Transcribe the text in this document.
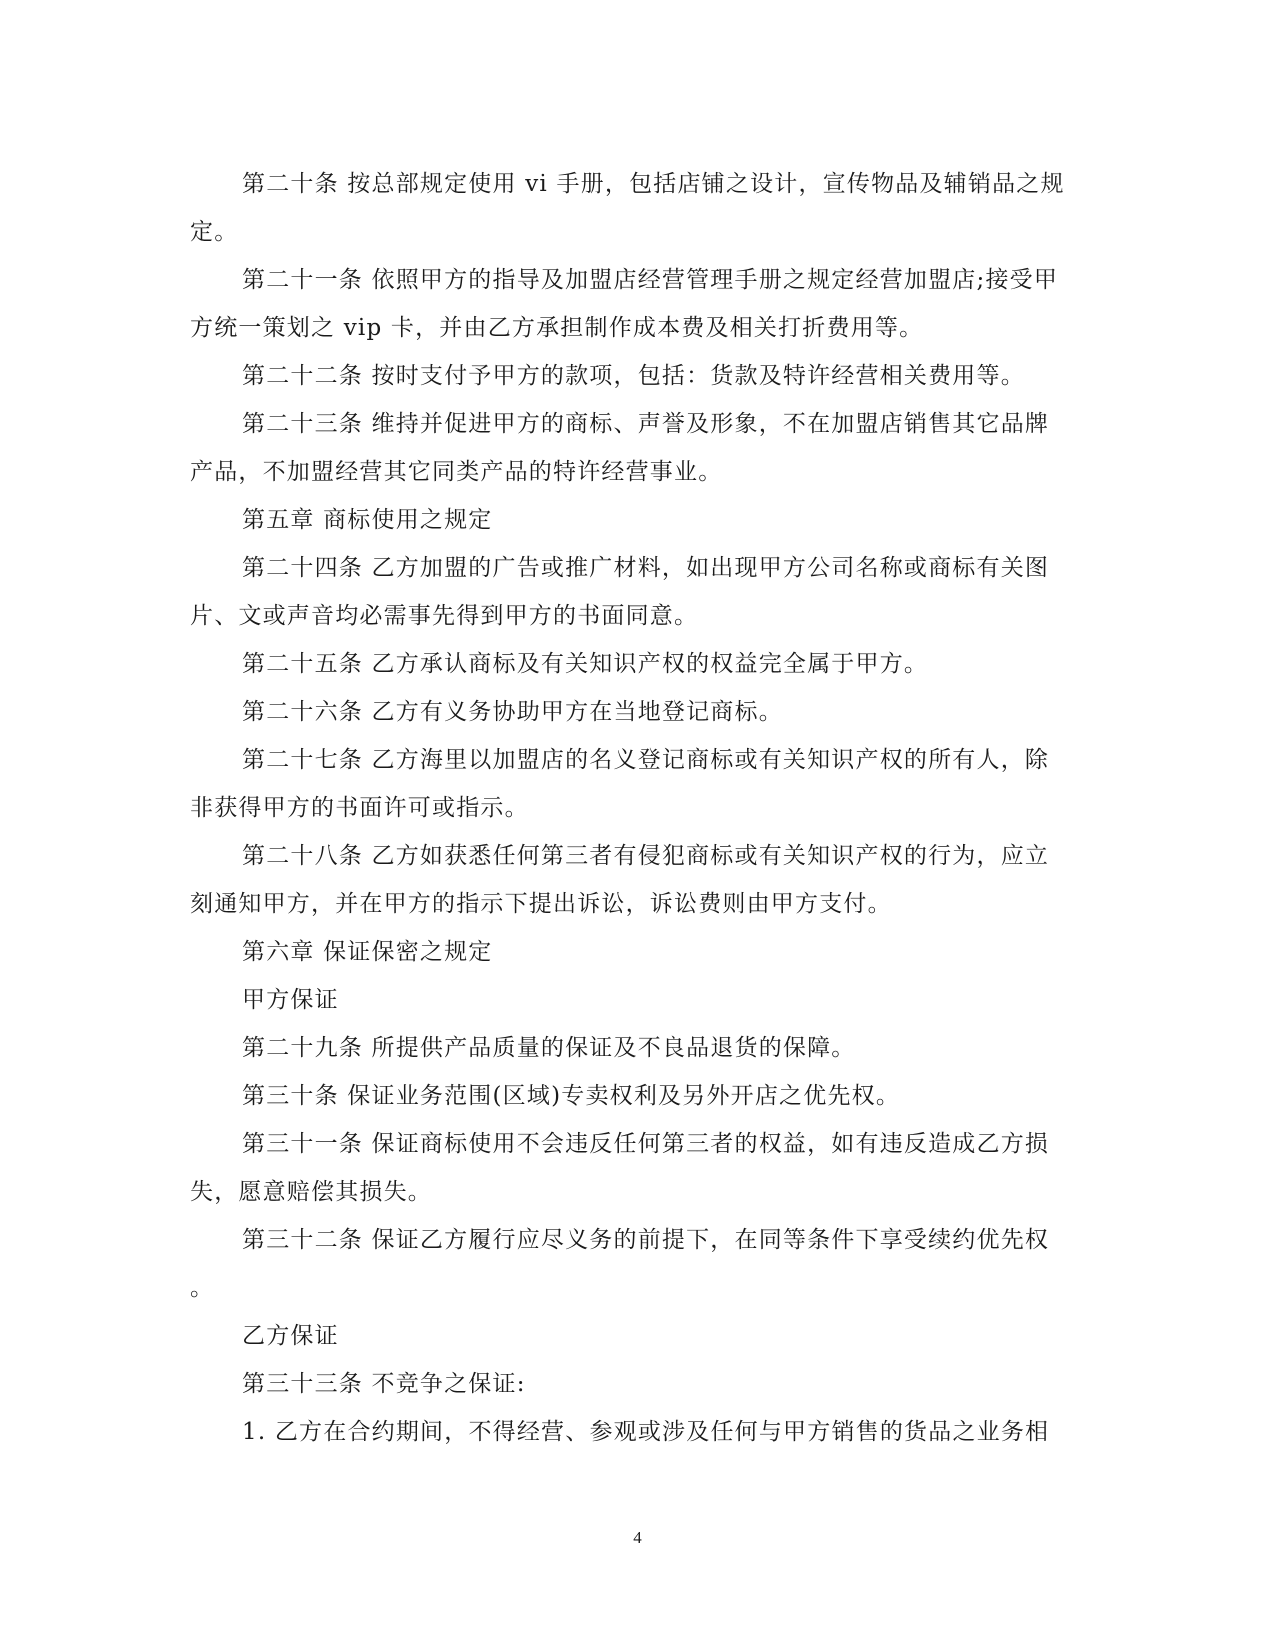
第二十条 按总部规定使用 vi 手册，包括店铺之设计，宣传物品及辅销品之规定。

第二十一条 依照甲方的指导及加盟店经营管理手册之规定经营加盟店;接受甲方统一策划之 vip 卡，并由乙方承担制作成本费及相关打折费用等。

第二十二条 按时支付予甲方的款项，包括：货款及特许经营相关费用等。

第二十三条 维持并促进甲方的商标、声誉及形象，不在加盟店销售其它品牌产品，不加盟经营其它同类产品的特许经营事业。

第五章 商标使用之规定

第二十四条 乙方加盟的广告或推广材料，如出现甲方公司名称或商标有关图片、文或声音均必需事先得到甲方的书面同意。

第二十五条 乙方承认商标及有关知识产权的权益完全属于甲方。

第二十六条 乙方有义务协助甲方在当地登记商标。

第二十七条 乙方海里以加盟店的名义登记商标或有关知识产权的所有人，除非获得甲方的书面许可或指示。

第二十八条 乙方如获悉任何第三者有侵犯商标或有关知识产权的行为，应立刻通知甲方，并在甲方的指示下提出诉讼，诉讼费则由甲方支付。

第六章 保证保密之规定

甲方保证

第二十九条 所提供产品质量的保证及不良品退货的保障。

第三十条 保证业务范围(区域)专卖权利及另外开店之优先权。

第三十一条 保证商标使用不会违反任何第三者的权益，如有违反造成乙方损失，愿意赔偿其损失。

第三十二条 保证乙方履行应尽义务的前提下，在同等条件下享受续约优先权

。

乙方保证

第三十三条 不竞争之保证:

1. 乙方在合约期间，不得经营、参观或涉及任何与甲方销售的货品之业务相

4
